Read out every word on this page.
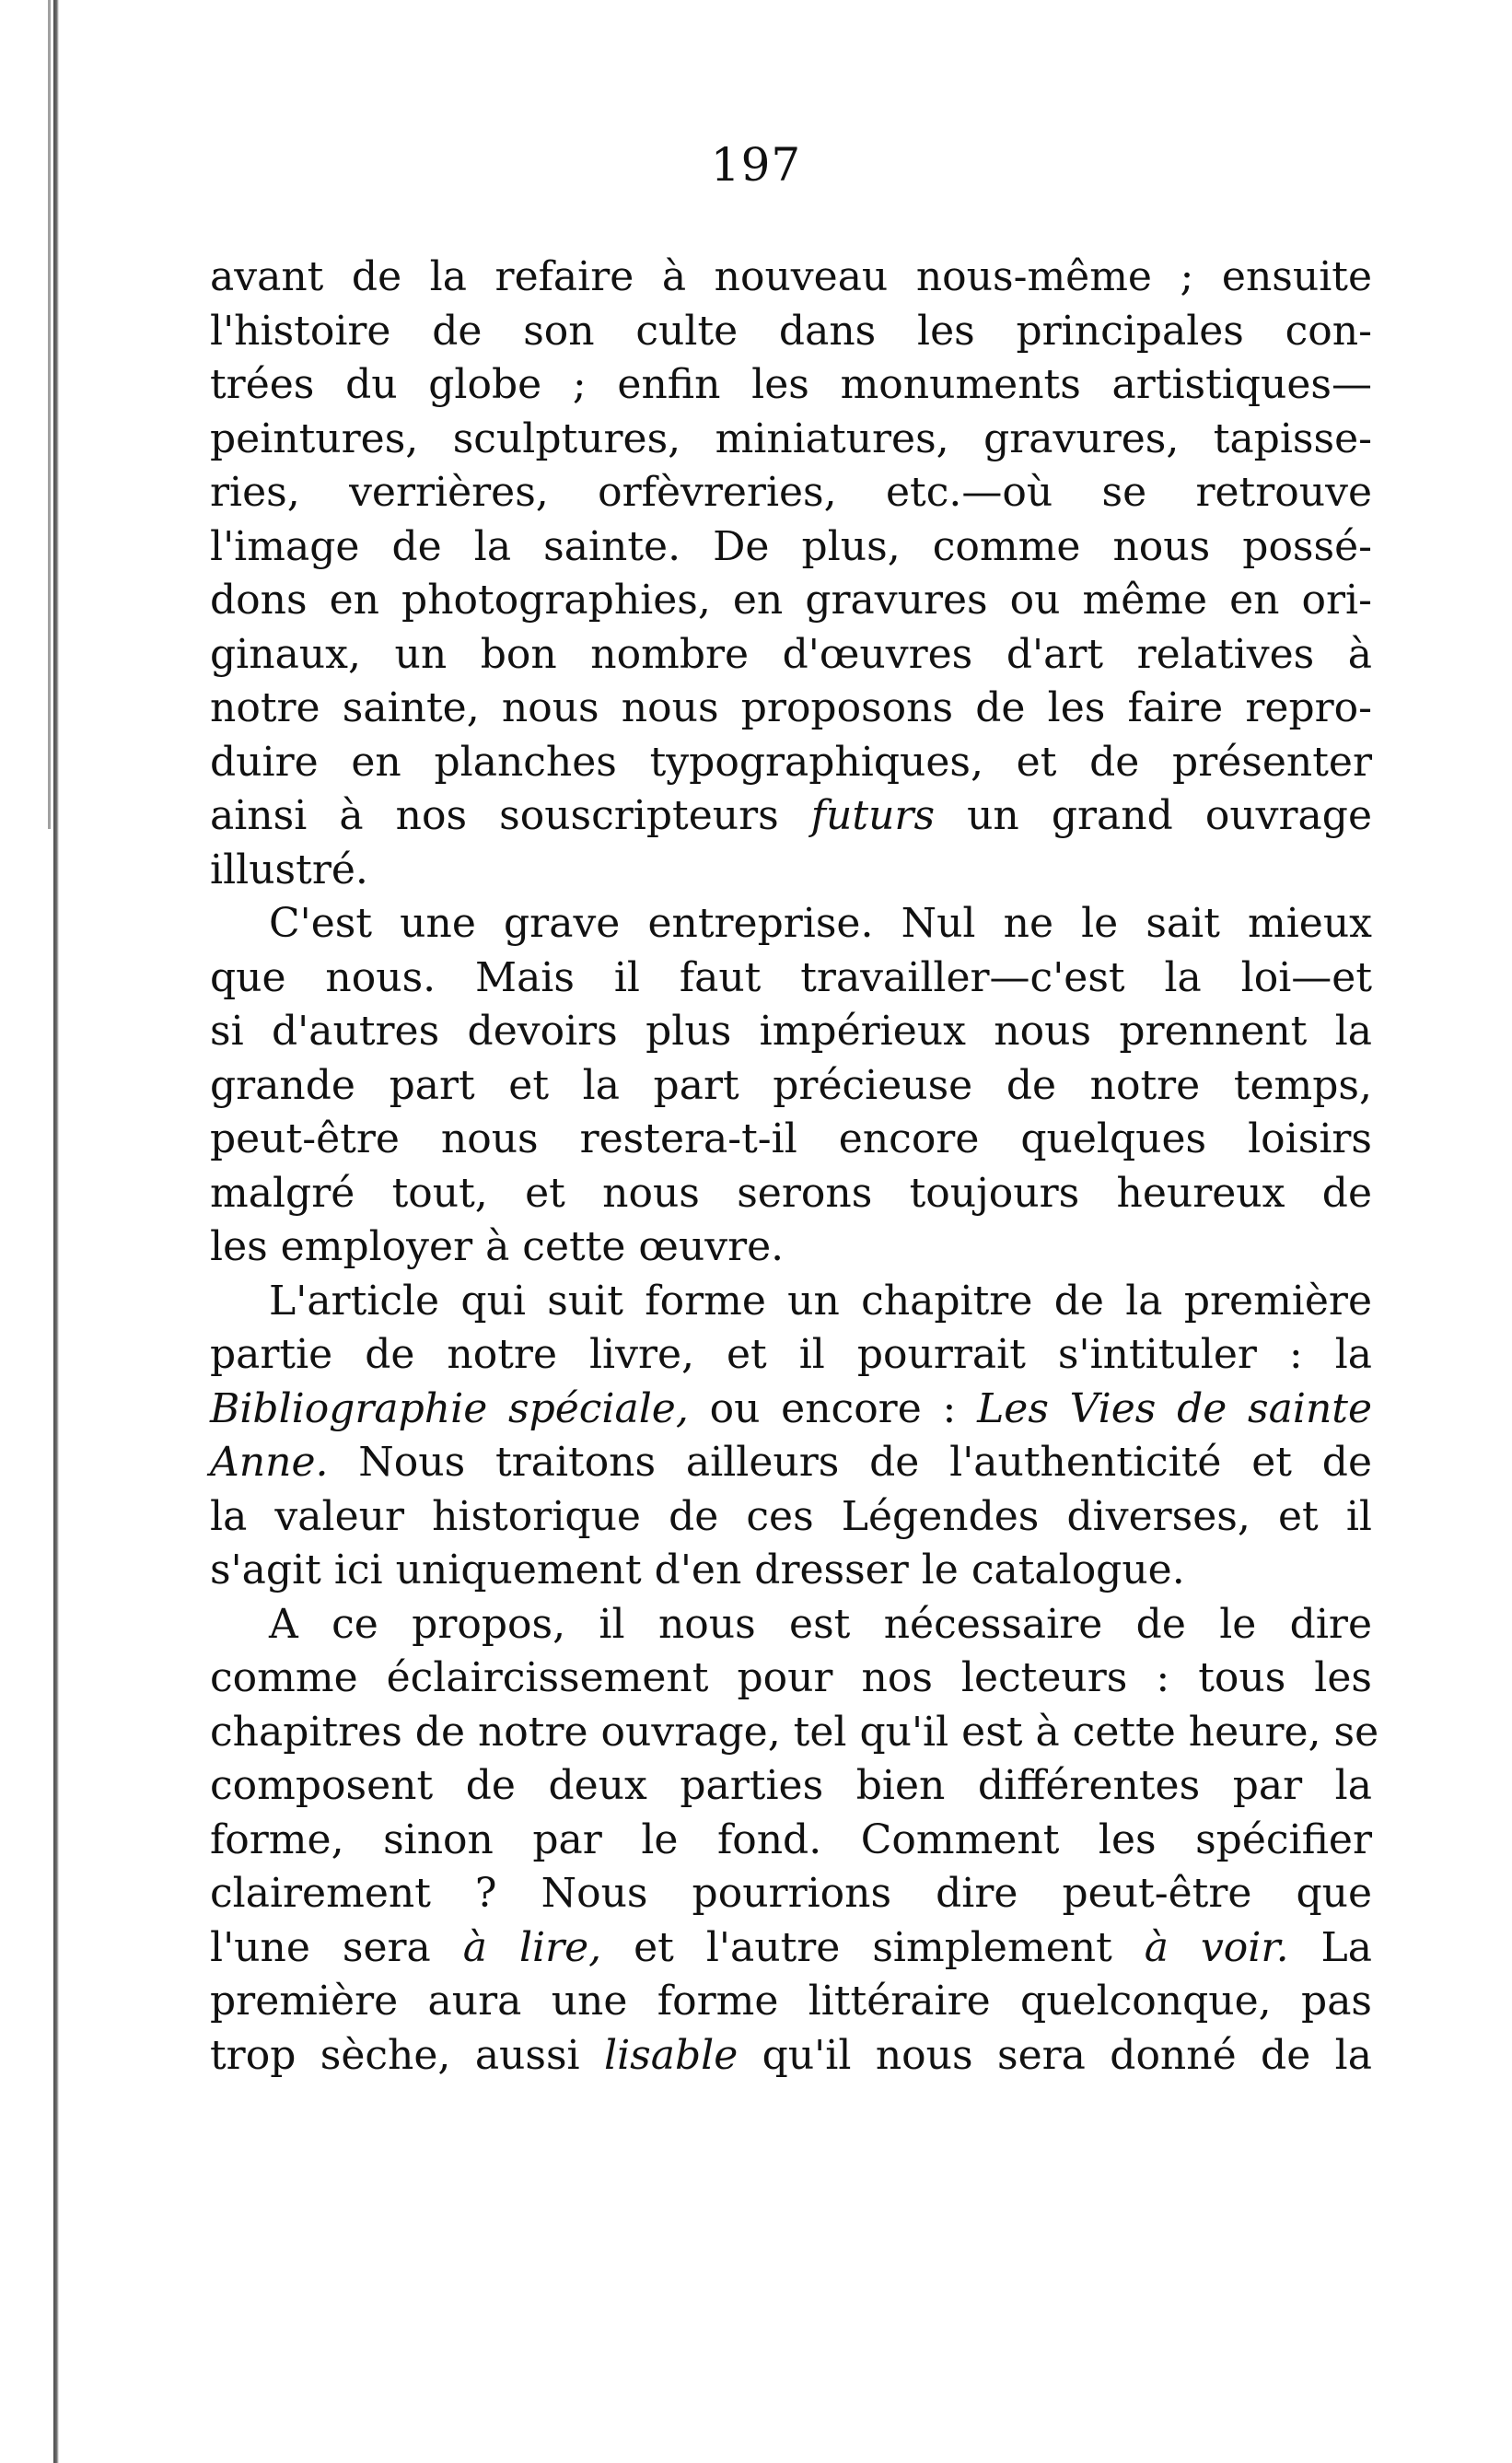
197
avant de la refaire à nouveau nous-même ; ensuite
l'histoire de son culte dans les principales con-
trées du globe ; enfin les monuments artistiques—
peintures, sculptures, miniatures, gravures, tapisse-
ries, verrières, orfèvreries, etc.—où se retrouve
l'image de la sainte. De plus, comme nous possé-
dons en photographies, en gravures ou même en ori-
ginaux, un bon nombre d'œuvres d'art relatives à
notre sainte, nous nous proposons de les faire repro-
duire en planches typographiques, et de présenter
ainsi à nos souscripteurs futurs un grand ouvrage
illustré.
C'est une grave entreprise. Nul ne le sait mieux
que nous. Mais il faut travailler—c'est la loi—et
si d'autres devoirs plus impérieux nous prennent la
grande part et la part précieuse de notre temps,
peut-être nous restera-t-il encore quelques loisirs
malgré tout, et nous serons toujours heureux de
les employer à cette œuvre.
L'article qui suit forme un chapitre de la première
partie de notre livre, et il pourrait s'intituler : la
Bibliographie spéciale, ou encore : Les Vies de sainte
Anne. Nous traitons ailleurs de l'authenticité et de
la valeur historique de ces Légendes diverses, et il
s'agit ici uniquement d'en dresser le catalogue.
A ce propos, il nous est nécessaire de le dire
comme éclaircissement pour nos lecteurs : tous les
chapitres de notre ouvrage, tel qu'il est à cette heure, se
composent de deux parties bien différentes par la
forme, sinon par le fond. Comment les spécifier
clairement ? Nous pourrions dire peut-être que
l'une sera à lire, et l'autre simplement à voir. La
première aura une forme littéraire quelconque, pas
trop sèche, aussi lisable qu'il nous sera donné de la
